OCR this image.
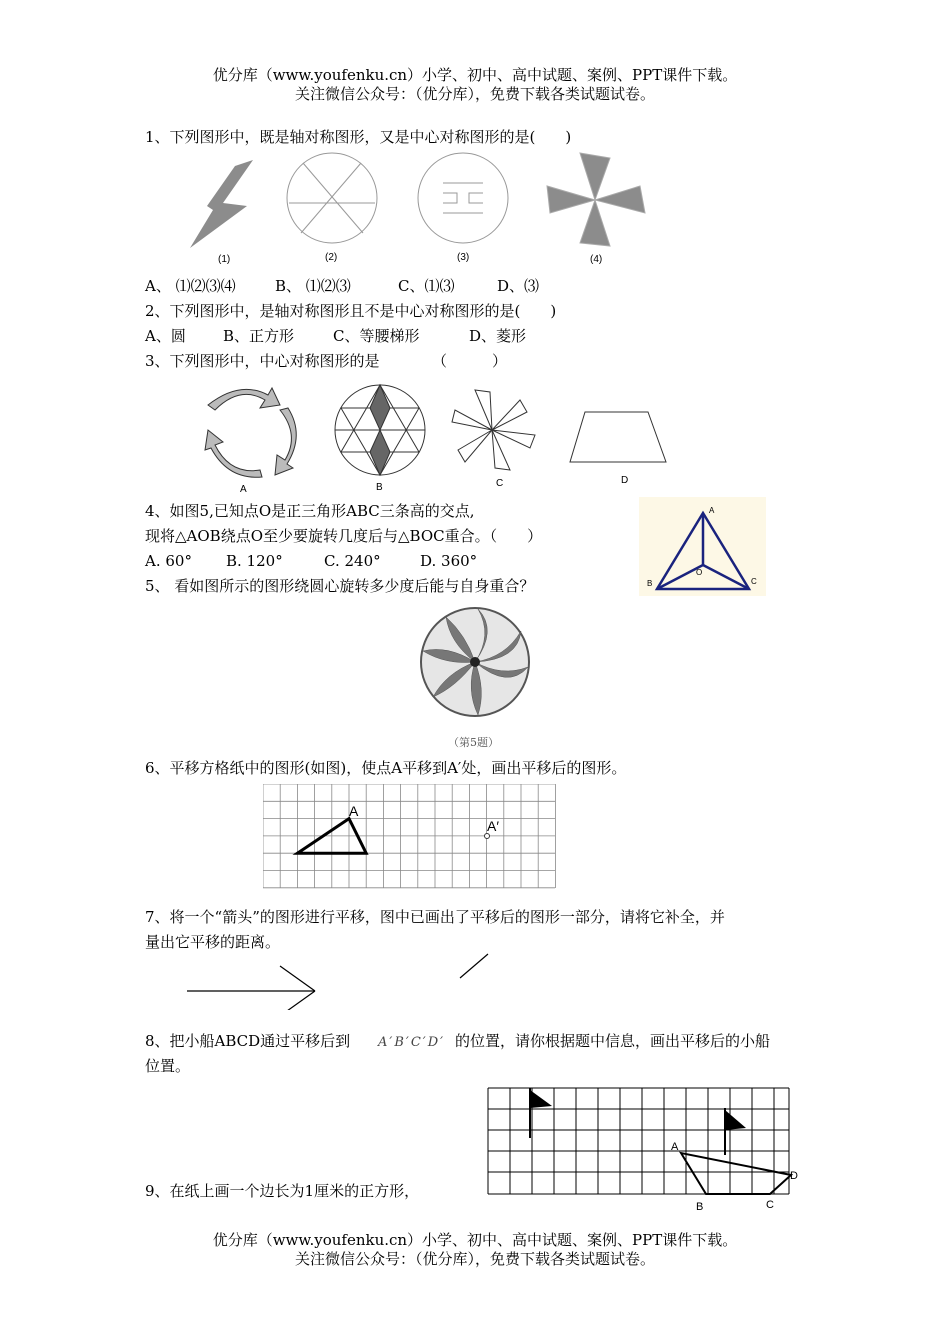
优分库（www.youfenku.cn）小学、初中、高中试题、案例、PPT课件下载。
关注微信公众号：（优分库），免费下载各类试题试卷。
1、下列图形中，既是轴对称图形，又是中心对称图形的是(　　)
(1)	(2)	(3)	(4)
A、 ⑴⑵⑶⑷	B、 ⑴⑵⑶	C、⑴⑶	D、⑶
2、下列图形中，是轴对称图形且不是中心对称图形的是(　　)
A、圆 B、正方形	C、等腰梯形	D、菱形
3、下列图形中，中心对称图形的是　　　　（　　　）
A	B	C	D
4、如图5,已知点O是正三角形ABC三条高的交点,
现将△AOB绕点O至少要旋转几度后与△BOC重合。（　　）
A. 60° B. 120°	C. 240°	D. 360°
A
B	C
O
5、 看如图所示的图形绕圆心旋转多少度后能与自身重合？
（第5题）
6、平移方格纸中的图形(如图)，使点A平移到A′处，画出平移后的图形。
A
A′
7、将一个“箭头”的图形进行平移，图中已画出了平移后的图形一部分，请将它补全，并
量出它平移的距离。
8、把小船ABCD通过平移后到 A′B′C′D′ 的位置，请你根据题中信息，画出平移后的小船
位置。
A
B	C
D
9、在纸上画一个边长为1厘米的正方形，
优分库（www.youfenku.cn）小学、初中、高中试题、案例、PPT课件下载。
关注微信公众号：（优分库），免费下载各类试题试卷。
